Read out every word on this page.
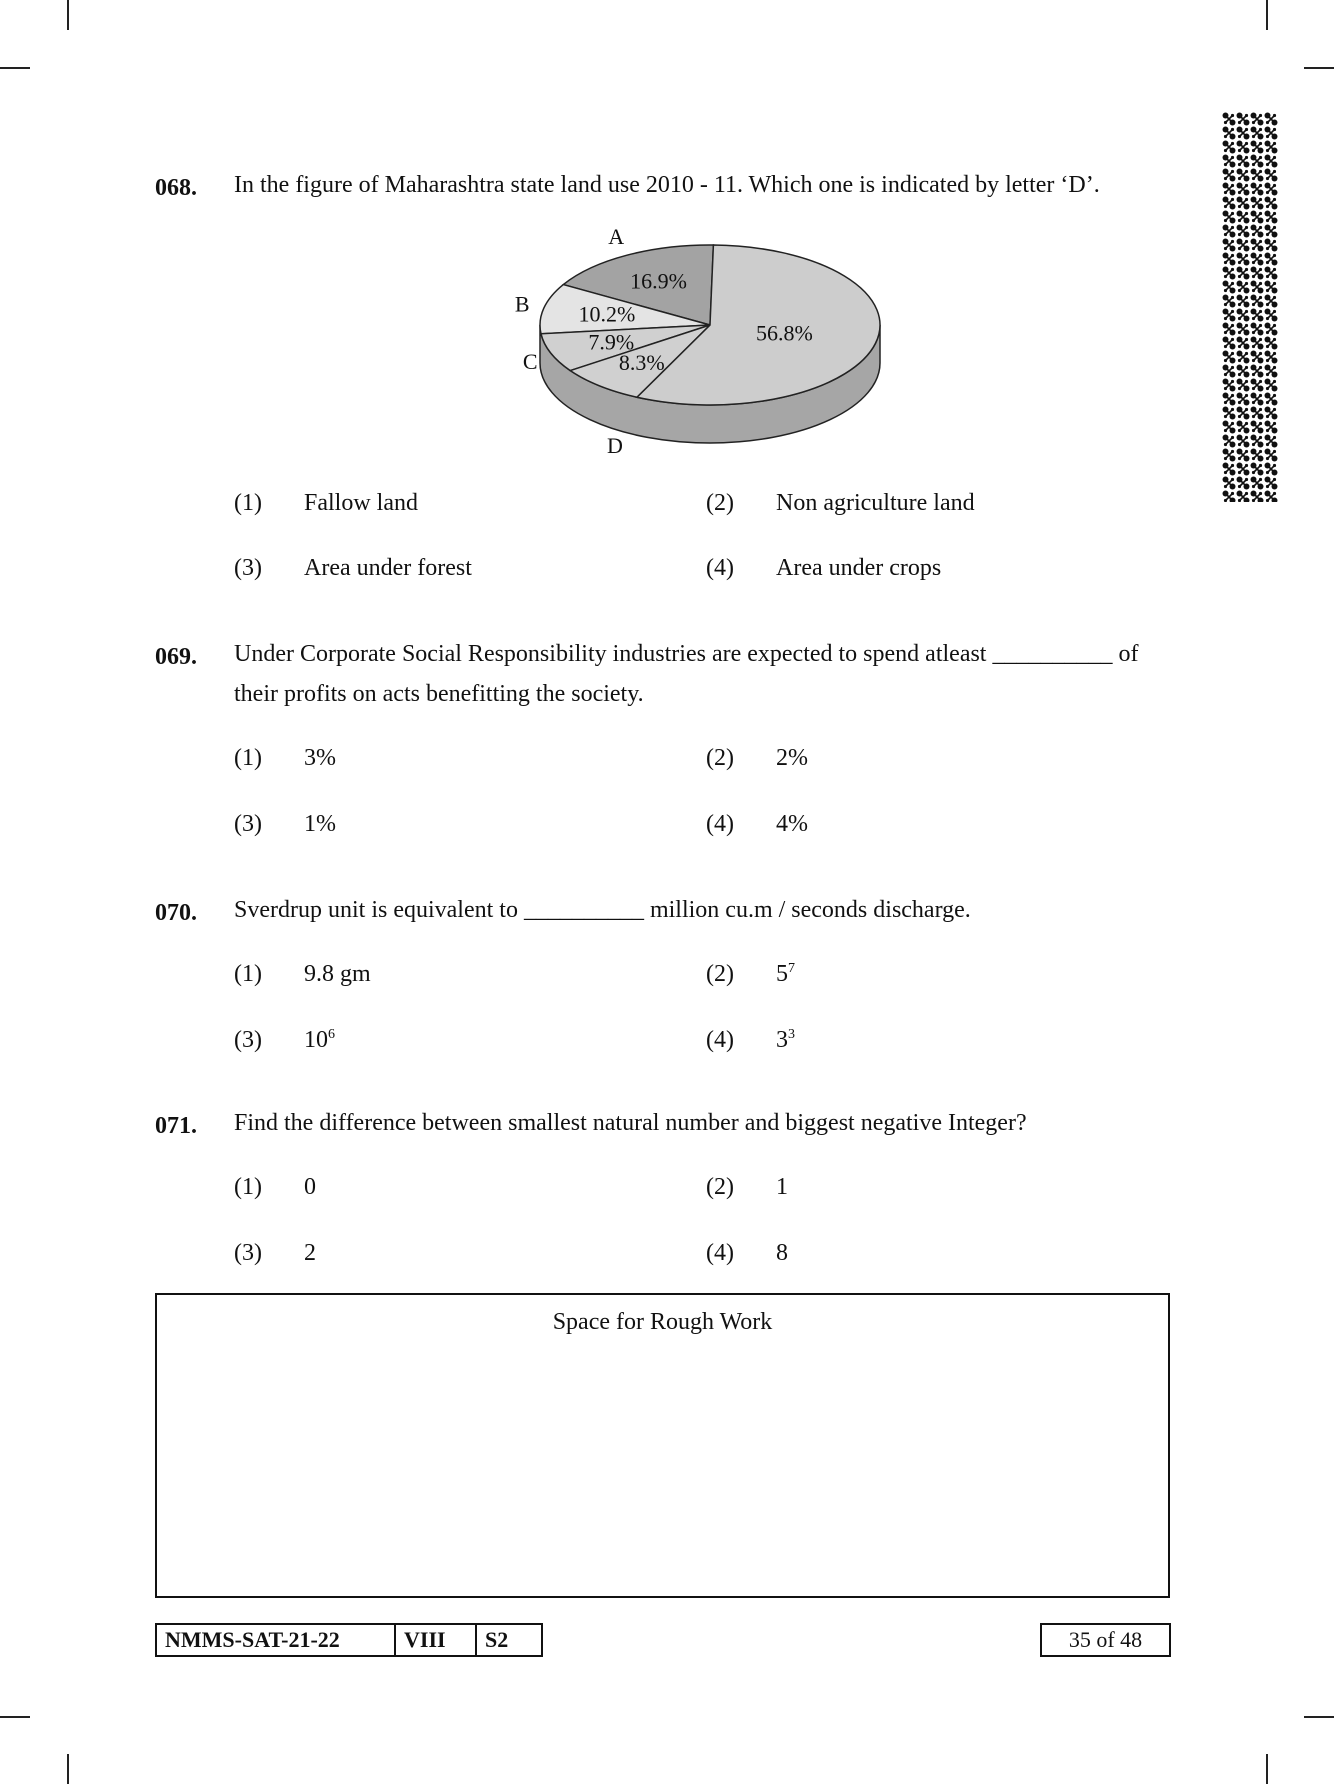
068. In the figure of Maharashtra state land use 2010 - 11. Which one is indicated by letter ‘D’.
16.9%
A
10.2%
B
7.9%
C	8.3%
D
56.8%
(1) Fallow land	(2) Non agriculture land
(3) Area under forest	(4) Area under crops
069. Under Corporate Social Responsibility industries are expected to spend atleast __________ of their profits on acts benefitting the society.
(1) 3%	(2) 2%
(3) 1%	(4) 4%
070. Sverdrup unit is equivalent to __________ million cu.m / seconds discharge.
(1) 9.8 gm	(2) $5^7$
(3) $10^6$	(4) $3^3$
071. Find the difference between smallest natural number and biggest negative Integer?
(1) 0	(2) 1
(3) 2	(4) 8
Space for Rough Work
NMMS-SAT-21-22	VIII	S2	35 of 48
